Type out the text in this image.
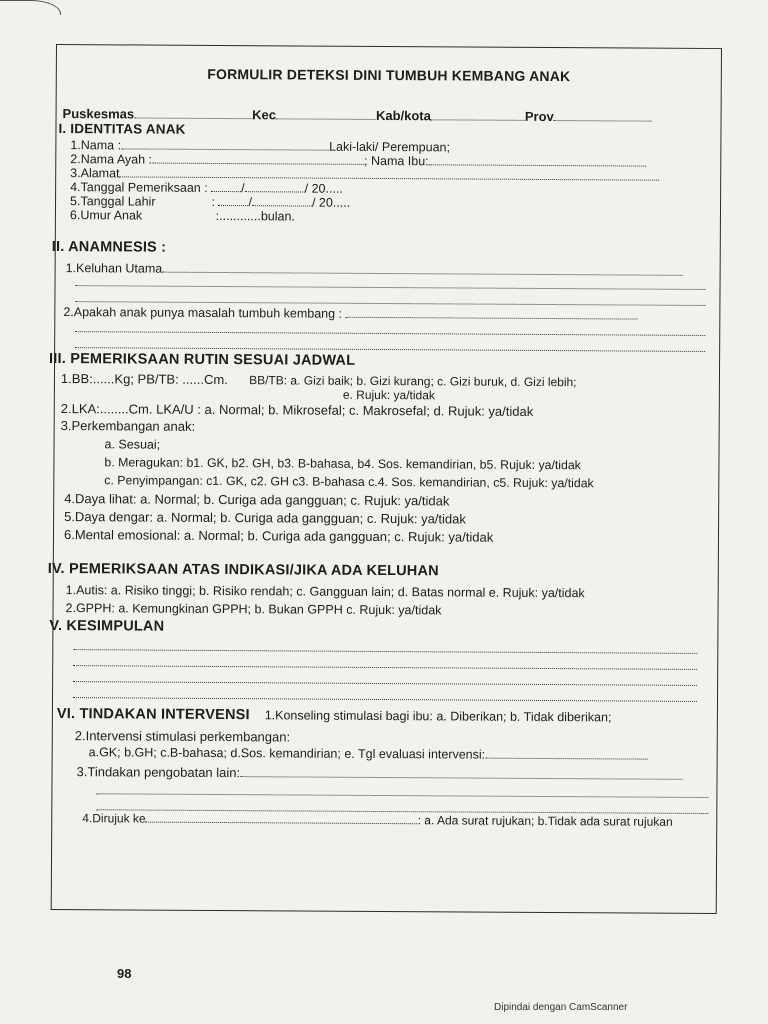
FORMULIR DETEKSI DINI TUMBUH KEMBANG ANAK
Puskesmas	Kec	Kab/kota	Prov
I. IDENTITAS ANAK
1.Nama :	Laki-laki/ Perempuan;
2.Nama Ayah :	; Nama Ibu:
3.Alamat
4.Tanggal Pemeriksaan :	/	/ 20.....
5.Tanggal Lahir	:	/	/ 20.....
6.Umur Anak	:............bulan.
II. ANAMNESIS :
1.Keluhan Utama
2.Apakah anak punya masalah tumbuh kembang :
III. PEMERIKSAAN RUTIN SESUAI JADWAL
1.BB:......Kg; PB/TB: ......Cm. BB/TB: a. Gizi baik; b. Gizi kurang; c. Gizi buruk, d. Gizi lebih;
e. Rujuk: ya/tidak
2.LKA:........Cm. LKA/U : a. Normal; b. Mikrosefal; c. Makrosefal; d. Rujuk: ya/tidak
3.Perkembangan anak:
a. Sesuai;
b. Meragukan: b1. GK, b2. GH, b3. B-bahasa, b4. Sos. kemandirian, b5. Rujuk: ya/tidak
c. Penyimpangan: c1. GK, c2. GH c3. B-bahasa c.4. Sos. kemandirian, c5. Rujuk: ya/tidak
4.Daya lihat: a. Normal; b. Curiga ada gangguan; c. Rujuk: ya/tidak
5.Daya dengar: a. Normal; b. Curiga ada gangguan; c. Rujuk: ya/tidak
6.Mental emosional: a. Normal; b. Curiga ada gangguan; c. Rujuk: ya/tidak
IV. PEMERIKSAAN ATAS INDIKASI/JIKA ADA KELUHAN
1.Autis: a. Risiko tinggi; b. Risiko rendah; c. Gangguan lain; d. Batas normal e. Rujuk: ya/tidak
2.GPPH: a. Kemungkinan GPPH; b. Bukan GPPH c. Rujuk: ya/tidak
V. KESIMPULAN
VI. TINDAKAN INTERVENSI 1.Konseling stimulasi bagi ibu: a. Diberikan; b. Tidak diberikan;
2.Intervensi stimulasi perkembangan:
a.GK; b.GH; c.B-bahasa; d.Sos. kemandirian; e. Tgl evaluasi intervensi:
3.Tindakan pengobatan lain:
4.Dirujuk ke	: a. Ada surat rujukan; b.Tidak ada surat rujukan
98
Dipindai dengan CamScanner
